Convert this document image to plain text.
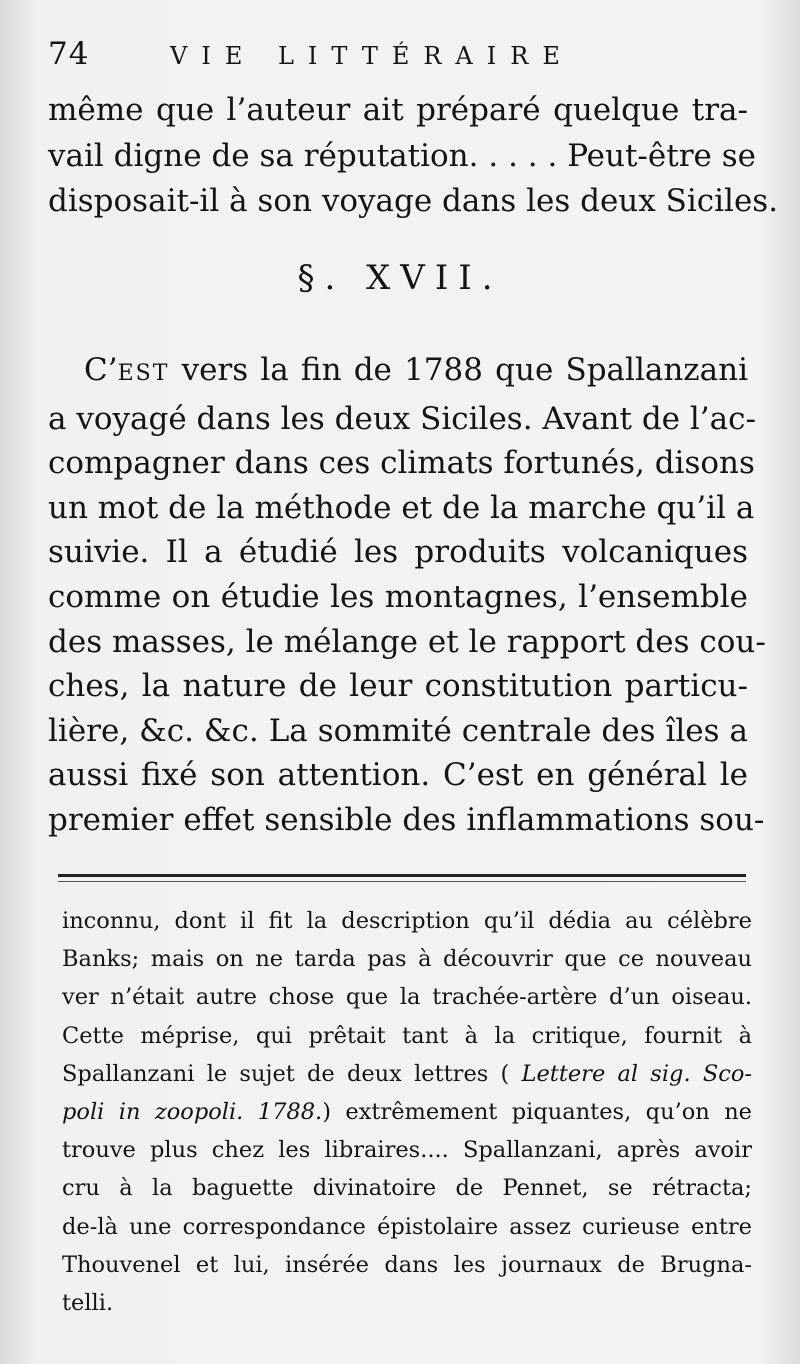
74	VIE LITTÉRAIRE
même que l’auteur ait préparé quelque tra-
vail digne de sa réputation. . . . . Peut-être se
disposait-il à son voyage dans les deux Siciles.
§. XVII.
C’EST vers la fin de 1788 que Spallanzani
a voyagé dans les deux Siciles. Avant de l’ac-
compagner dans ces climats fortunés, disons
un mot de la méthode et de la marche qu’il a
suivie. Il a étudié les produits volcaniques
comme on étudie les montagnes, l’ensemble
des masses, le mélange et le rapport des cou-
ches, la nature de leur constitution particu-
lière, &c. &c. La sommité centrale des îles a
aussi fixé son attention. C’est en général le
premier effet sensible des inflammations sou-
inconnu, dont il fit la description qu’il dédia au célèbre
Banks; mais on ne tarda pas à découvrir que ce nouveau
ver n’était autre chose que la trachée-artère d’un oiseau.
Cette méprise, qui prêtait tant à la critique, fournit à
Spallanzani le sujet de deux lettres ( Lettere al sig. Sco-
poli in zoopoli. 1788.) extrêmement piquantes, qu’on ne
trouve plus chez les libraires.... Spallanzani, après avoir
cru à la baguette divinatoire de Pennet, se rétracta;
de-là une correspondance épistolaire assez curieuse entre
Thouvenel et lui, insérée dans les journaux de Brugna-
telli.
